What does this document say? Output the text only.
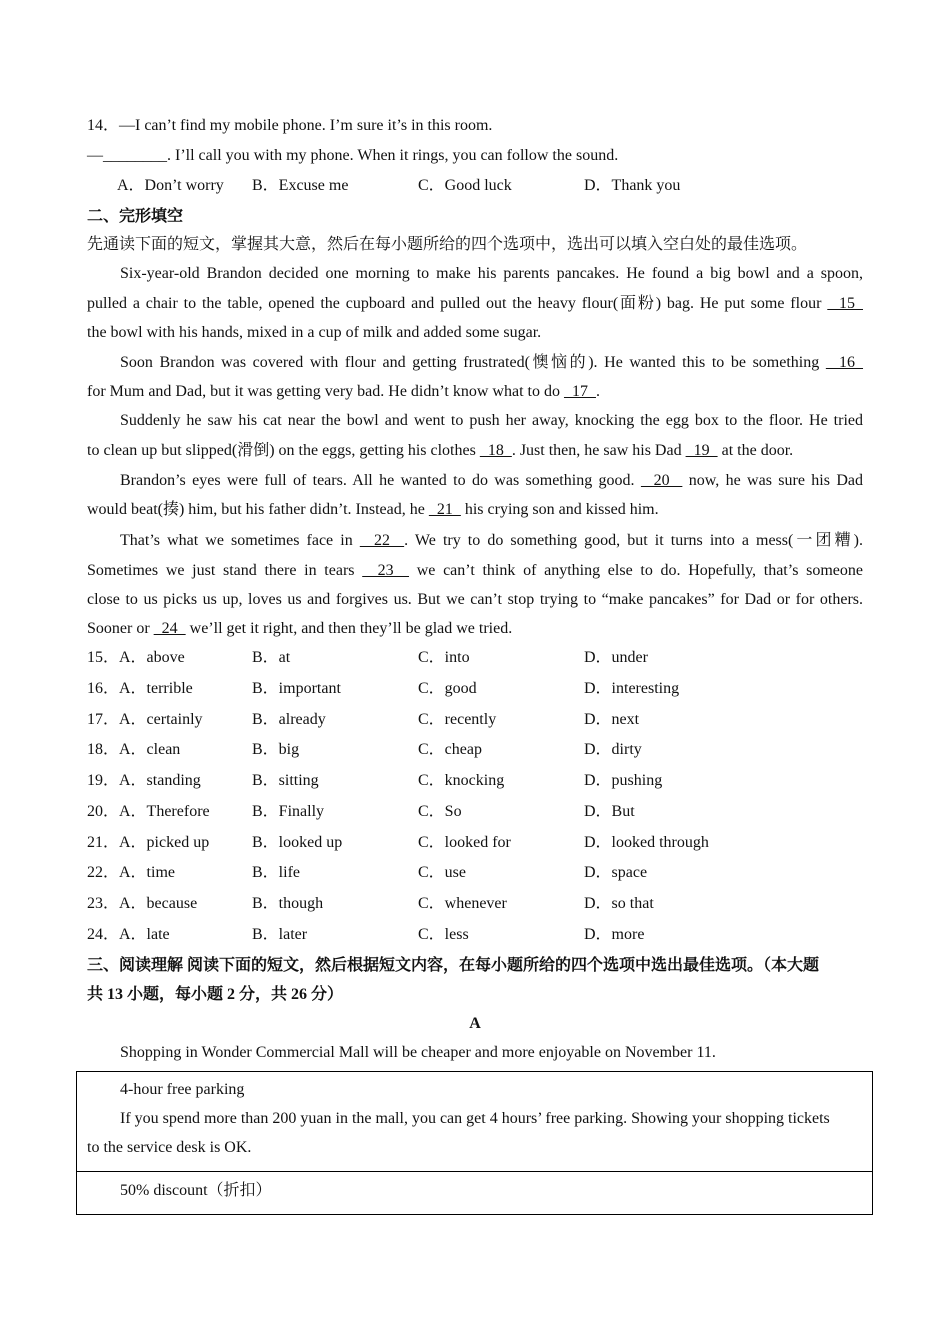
14．—I can’t find my mobile phone. I’m sure it’s in this room.
—________. I’ll call you with my phone. When it rings, you can follow the sound.
A．Don’t worry B．Excuse me	C．Good luck	D．Thank you
二、完形填空
先通读下面的短文，掌握其大意，然后在每小题所给的四个选项中，选出可以填入空白处的最佳选项。
Six-year-old Brandon decided one morning to make his parents pancakes. He found a big bowl and a spoon,
pulled a chair to the table, opened the cupboard and pulled out the heavy flour(面粉) bag. He put some flour   15
the bowl with his hands, mixed in a cup of milk and added some sugar.
Soon Brandon was covered with flour and getting frustrated(懊恼的). He wanted this to be something   16
for Mum and Dad, but it was getting very bad. He didn’t know what to do   17  .
Suddenly he saw his cat near the bowl and went to push her away, knocking the egg box to the floor. He tried
to clean up but slipped(滑倒) on the eggs, getting his clothes   18  . Just then, he saw his Dad   19   at the door.
Brandon’s eyes were full of tears. All he wanted to do was something good.   20   now, he was sure his Dad
would beat(揍) him, but his father didn’t. Instead, he   21   his crying son and kissed him.
That’s what we sometimes face in   22  . We try to do something good, but it turns into a mess(一团糟).
Sometimes we just stand there in tears   23   we can’t think of anything else to do. Hopefully, that’s someone
close to us picks us up, loves us and forgives us. But we can’t stop trying to “make pancakes” for Dad or for others.
Sooner or   24   we’ll get it right, and then they’ll be glad we tried.
15．A．above	B．at	C．into	D．under
16．A．terrible	B．important	C．good	D．interesting
17．A．certainly	B．already	C．recently	D．next
18．A．clean	B．big	C．cheap	D．dirty
19．A．standing	B．sitting	C．knocking	D．pushing
20．A．Therefore	B．Finally	C．So	D．But
21．A．picked up	B．looked up	C．looked for	D．looked through
22．A．time	B．life	C．use	D．space
23．A．because	B．though	C．whenever	D．so that
24．A．late	B．later	C．less	D．more
三、阅读理解 阅读下面的短文，然后根据短文内容，在每小题所给的四个选项中选出最佳选项。（本大题
共 13 小题，每小题 2 分，共 26 分）
A
Shopping in Wonder Commercial Mall will be cheaper and more enjoyable on November 11.
4-hour free parking
If you spend more than 200 yuan in the mall, you can get 4 hours’ free parking. Showing your shopping tickets
to the service desk is OK.
50% discount（折扣）
